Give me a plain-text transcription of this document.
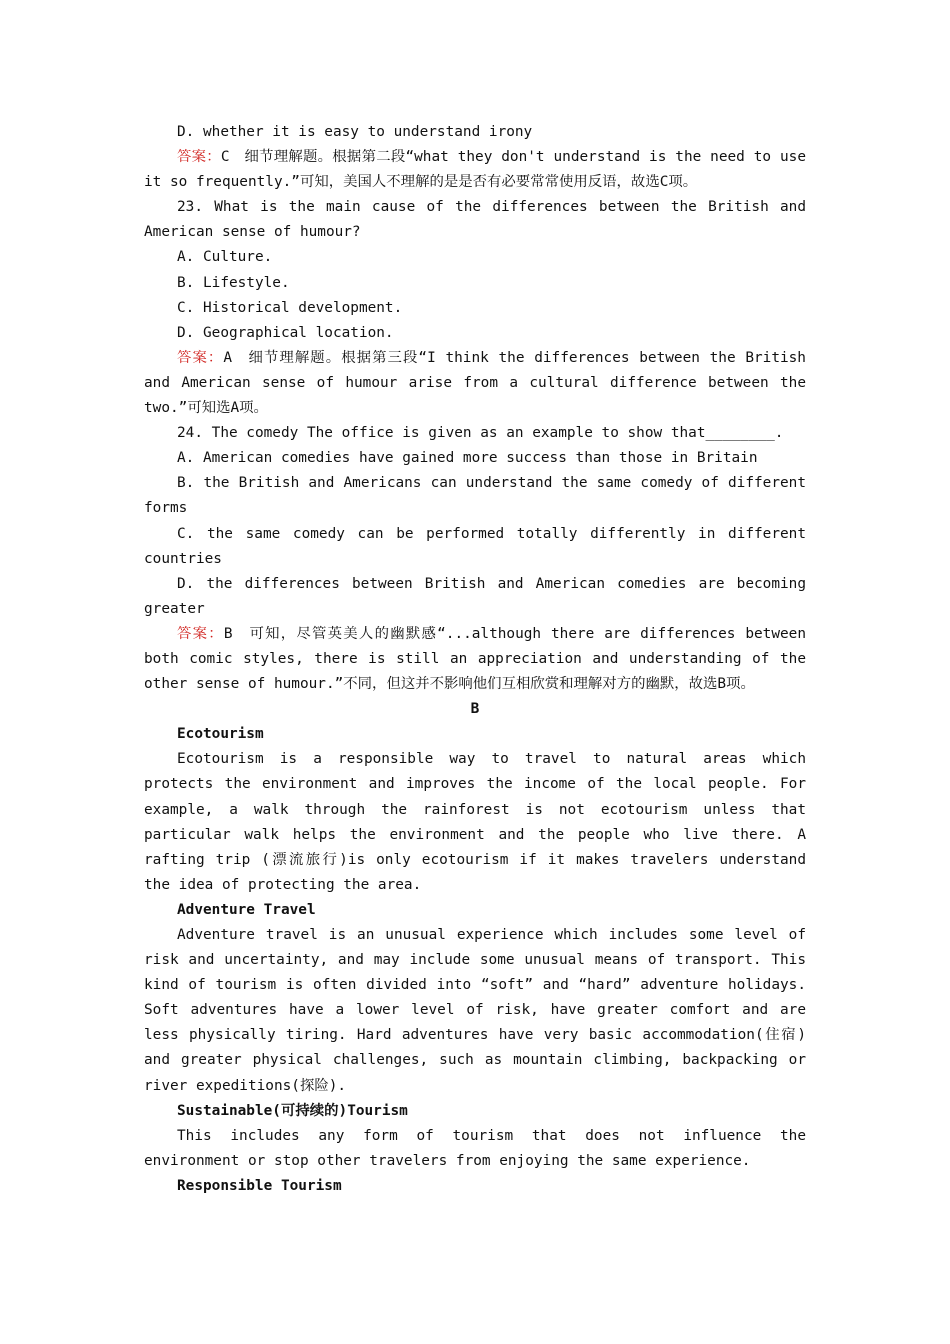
D. whether it is easy to understand irony

答案：C　细节理解题。根据第二段“what they don't understand is the need to use it so frequently.”可知，美国人不理解的是是否有必要常常使用反语，故选C项。

23. What is the main cause of the differences between the British and American sense of humour?

A. Culture.

B. Lifestyle.

C. Historical development.

D. Geographical location.

答案：A　细节理解题。根据第三段“I think the differences between the British and American sense of humour arise from a cultural difference between the two.”可知选A项。

24. The comedy The office is given as an example to show that________.

A. American comedies have gained more success than those in Britain

B. the British and Americans can understand the same comedy of different forms

C. the same comedy can be performed totally differently in different countries

D. the differences between British and American comedies are becoming greater

答案：B　可知，尽管英美人的幽默感“...although there are differences between both comic styles, there is still an appreciation and understanding of the other sense of humour.”不同，但这并不影响他们互相欣赏和理解对方的幽默，故选B项。

B

Ecotourism

Ecotourism is a responsible way to travel to natural areas which protects the environment and improves the income of the local people. For example, a walk through the rainforest is not ecotourism unless that particular walk helps the environment and the people who live there. A rafting trip (漂流旅行)is only ecotourism if it makes travelers understand the idea of protecting the area.

Adventure Travel

Adventure travel is an unusual experience which includes some level of risk and uncertainty, and may include some unusual means of transport. This kind of tourism is often divided into “soft” and “hard” adventure holidays. Soft adventures have a lower level of risk, have greater comfort and are less physically tiring. Hard adventures have very basic accommodation(住宿) and greater physical challenges, such as mountain climbing, backpacking or river expeditions(探险).

Sustainable(可持续的)Tourism

This includes any form of tourism that does not influence the environment or stop other travelers from enjoying the same experience.

Responsible Tourism
